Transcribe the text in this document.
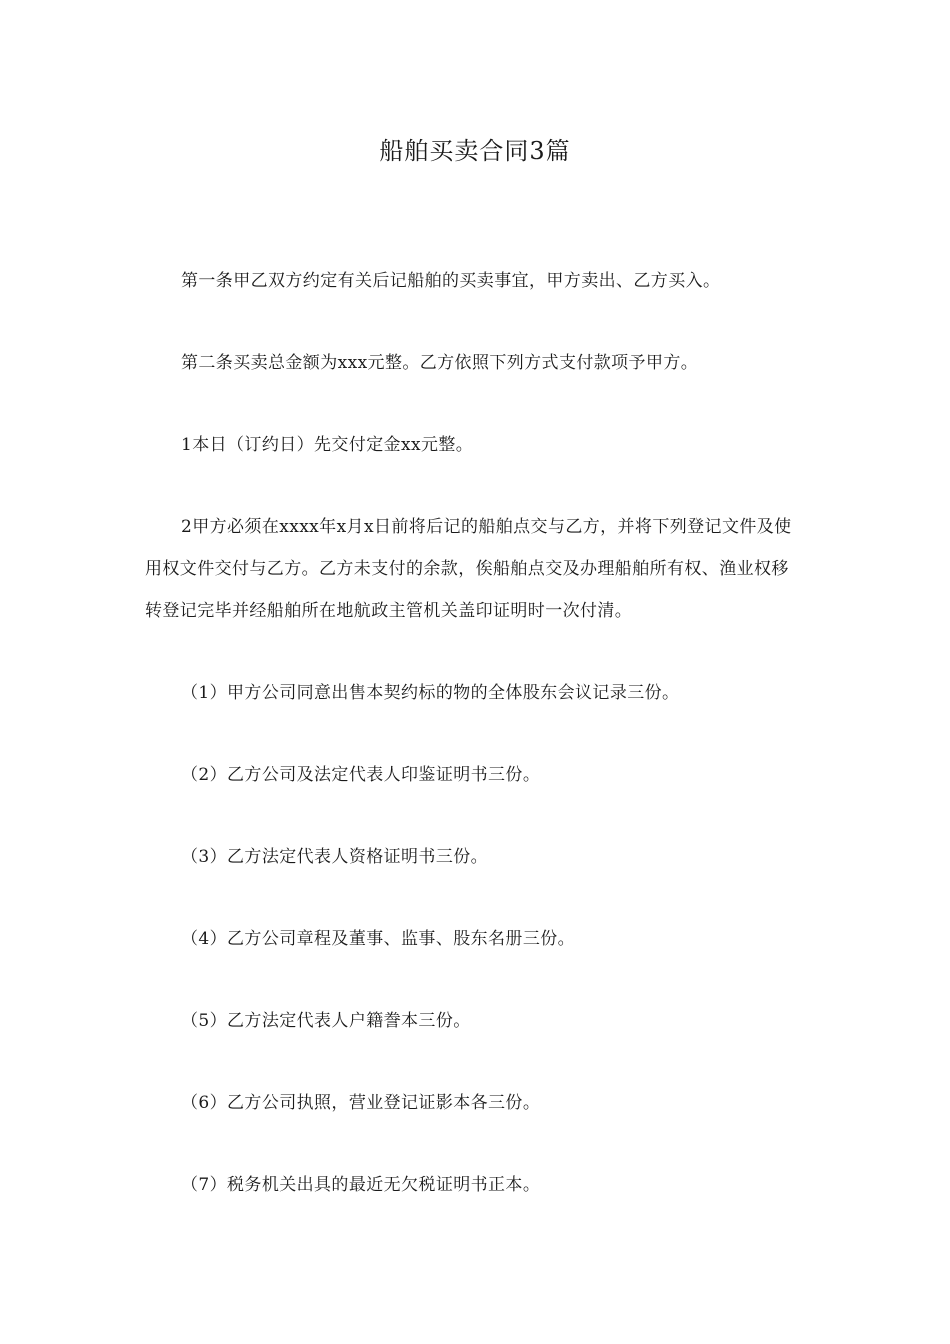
船舶买卖合同3篇

第一条甲乙双方约定有关后记船舶的买卖事宜，甲方卖出、乙方买入。

第二条买卖总金额为xxx元整。乙方依照下列方式支付款项予甲方。

1本日（订约日）先交付定金xx元整。

2甲方必须在xxxx年x月x日前将后记的船舶点交与乙方，并将下列登记文件及使用权文件交付与乙方。乙方未支付的余款，俟船舶点交及办理船舶所有权、渔业权移转登记完毕并经船舶所在地航政主管机关盖印证明时一次付清。

（1）甲方公司同意出售本契约标的物的全体股东会议记录三份。

（2）乙方公司及法定代表人印鉴证明书三份。

（3）乙方法定代表人资格证明书三份。

（4）乙方公司章程及董事、监事、股东名册三份。

（5）乙方法定代表人户籍誊本三份。

（6）乙方公司执照，营业登记证影本各三份。

（7）税务机关出具的最近无欠税证明书正本。
